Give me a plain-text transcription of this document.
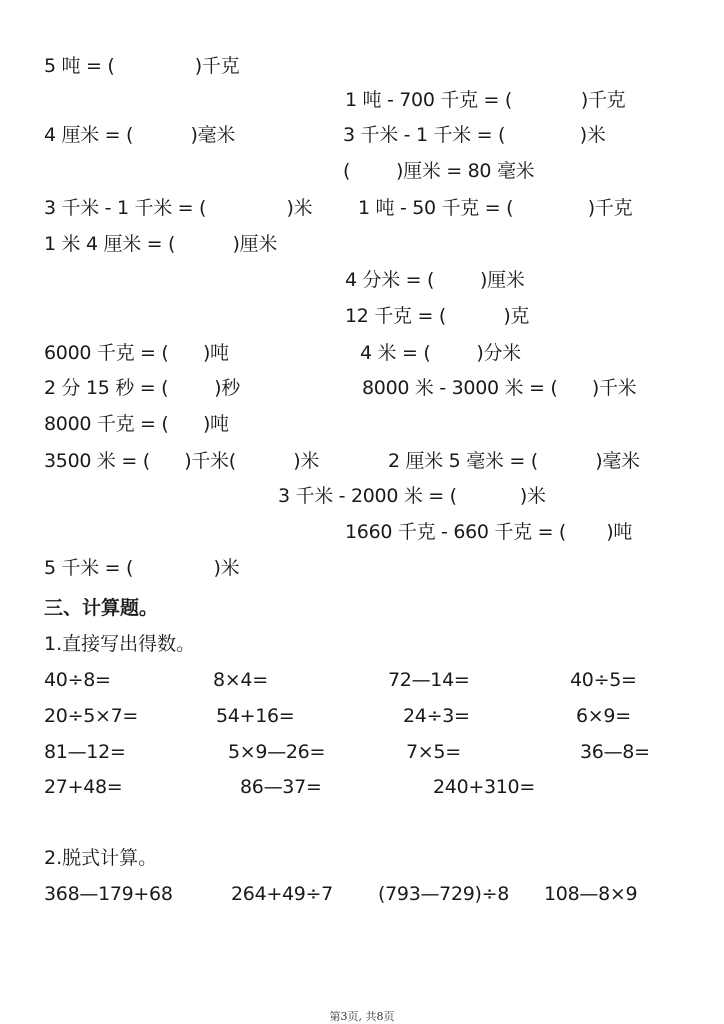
5 吨 = (              )千克
1 吨 - 700 千克 = (            )千克
4 厘米 = (          )毫米	3 千米 - 1 千米 = (             )米
(        )厘米 = 80 毫米
3 千米 - 1 千米 = (              )米 1 吨 - 50 千克 = (             )千克
1 米 4 厘米 = (          )厘米
4 分米 = (        )厘米
12 千克 = (          )克
6000 千克 = (      )吨	4 米 = (        )分米
2 分 15 秒 = (        )秒	8000 米 - 3000 米 = (      )千米
8000 千克 = (      )吨
3500 米 = (      )千米(          )米	2 厘米 5 毫米 = (          )毫米
3 千米 - 2000 米 = (           )米
1660 千克 - 660 千克 = (       )吨
5 千米 = (              )米
三、计算题。
1.直接写出得数。
40÷8=	8×4=	72—14=	40÷5=
20÷5×7=	54+16=	24÷3=	6×9=
81—12=	5×9—26=	7×5=	36—8=
27+48=	86—37=	240+310=
2.脱式计算。
368—179+68	264+49÷7 (793—729)÷8 108—8×9
第3页, 共8页
